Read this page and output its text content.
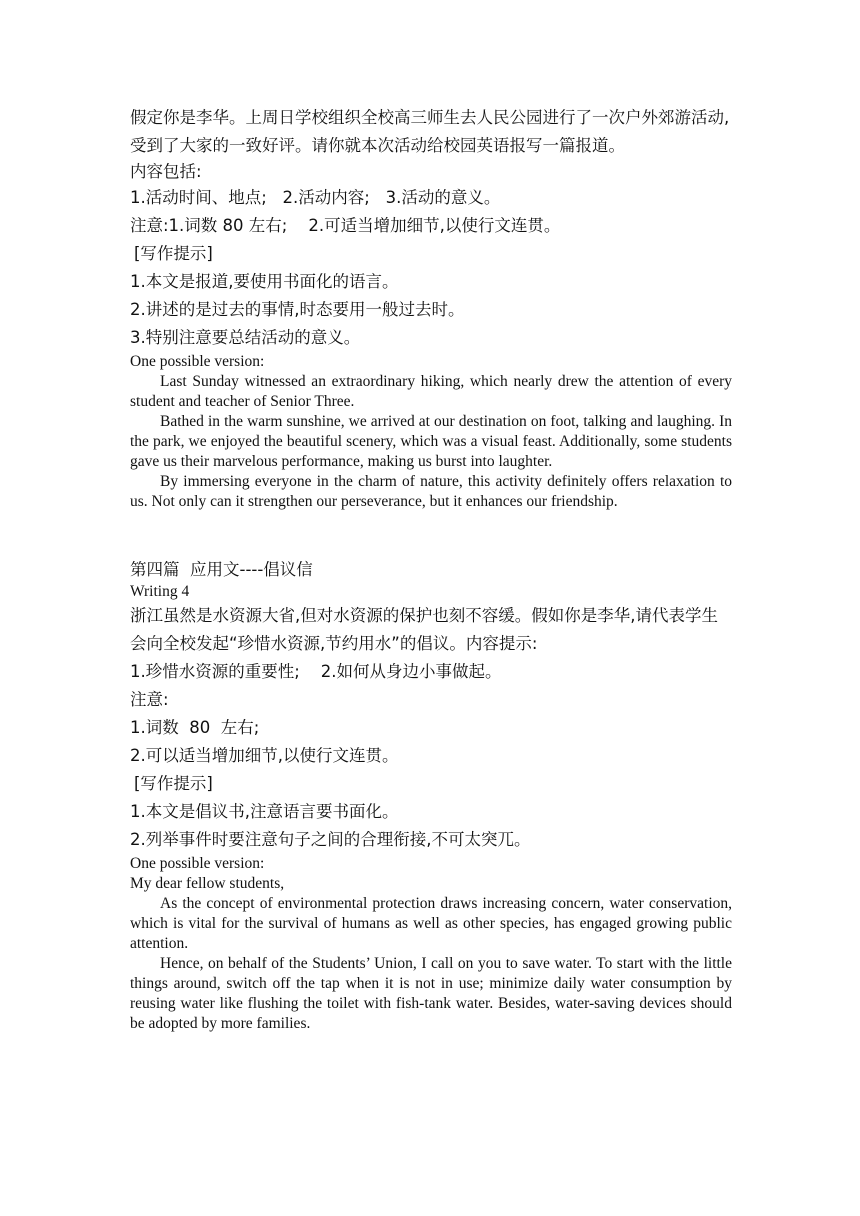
假定你是李华。上周日学校组织全校高三师生去人民公园进行了一次户外郊游活动,受到了大家的一致好评。请你就本次活动给校园英语报写一篇报道。

内容包括:

1.活动时间、地点;   2.活动内容;   3.活动的意义。

注意:1.词数 80 左右;    2.可适当增加细节,以使行文连贯。

[写作提示]

1.本文是报道,要使用书面化的语言。

2.讲述的是过去的事情,时态要用一般过去时。

3.特别注意要总结活动的意义。

One possible version:

Last Sunday witnessed an extraordinary hiking, which nearly drew the attention of every student and teacher of Senior Three.

Bathed in the warm sunshine, we arrived at our destination on foot, talking and laughing. In the park, we enjoyed the beautiful scenery, which was a visual feast. Additionally, some students gave us their marvelous performance, making us burst into laughter.

By immersing everyone in the charm of nature, this activity definitely offers relaxation to us. Not only can it strengthen our perseverance, but it enhances our friendship.

第四篇  应用文----倡议信

Writing 4

浙江虽然是水资源大省,但对水资源的保护也刻不容缓。假如你是李华,请代表学生会向全校发起“珍惜水资源,节约用水”的倡议。内容提示:

1.珍惜水资源的重要性;    2.如何从身边小事做起。

注意:

1.词数  80  左右;

2.可以适当增加细节,以使行文连贯。

[写作提示]

1.本文是倡议书,注意语言要书面化。

2.列举事件时要注意句子之间的合理衔接,不可太突兀。

One possible version:

My dear fellow students,

As the concept of environmental protection draws increasing concern, water conservation, which is vital for the survival of humans as well as other species, has engaged growing public attention.

Hence, on behalf of the Students’ Union, I call on you to save water. To start with the little things around, switch off the tap when it is not in use; minimize daily water consumption by reusing water like flushing the toilet with fish-tank water. Besides, water-saving devices should be adopted by more families.
